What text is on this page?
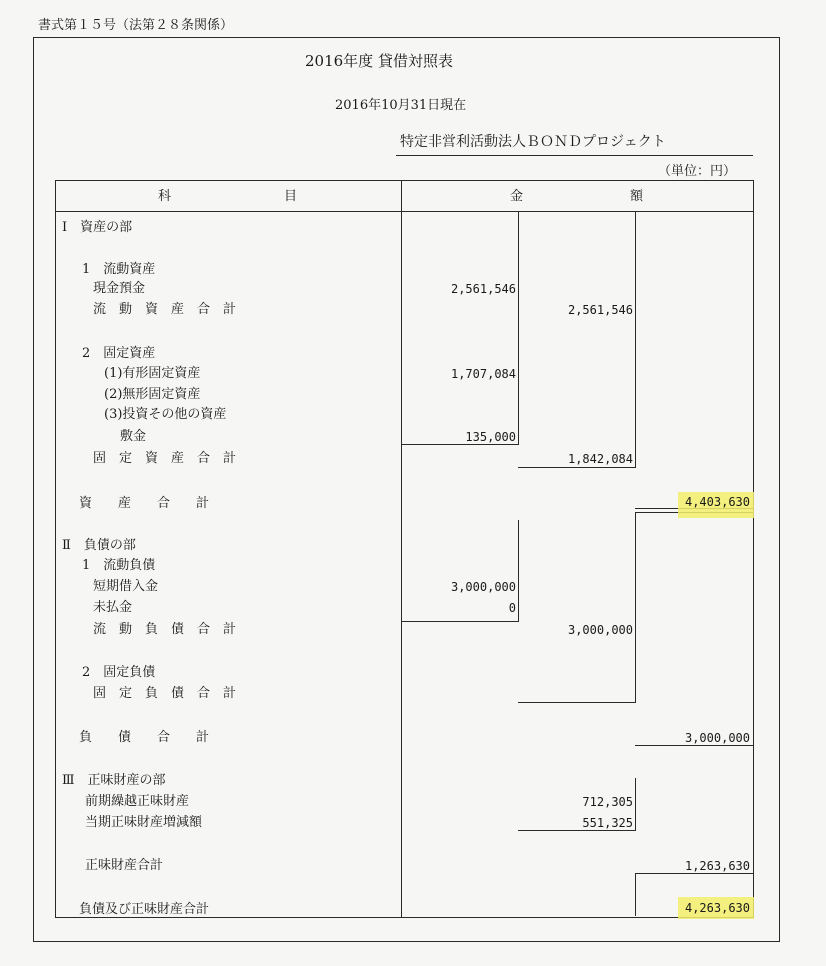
書式第１５号（法第２８条関係）
2016年度 貸借対照表
2016年10月31日現在
特定非営利活動法人ＢＯＮＤプロジェクト
（単位：円）
科	目	金	額
Ⅰ　資産の部
1　流動資産
現金預金	2,561,546
流　動　資　産　合　計	2,561,546
2　固定資産
(1)有形固定資産	1,707,084
(2)無形固定資産
(3)投資その他の資産
敷金	135,000
固　定　資　産　合　計	1,842,084
資　　産　　合　　計	4,403,630
Ⅱ　負債の部
1　流動負債
短期借入金	3,000,000
未払金	0
流　動　負　債　合　計	3,000,000
2　固定負債
固　定　負　債　合　計
負　　債　　合　　計	3,000,000
Ⅲ　正味財産の部
前期繰越正味財産	712,305
当期正味財産増減額	551,325
正味財産合計	1,263,630
負債及び正味財産合計	4,263,630
